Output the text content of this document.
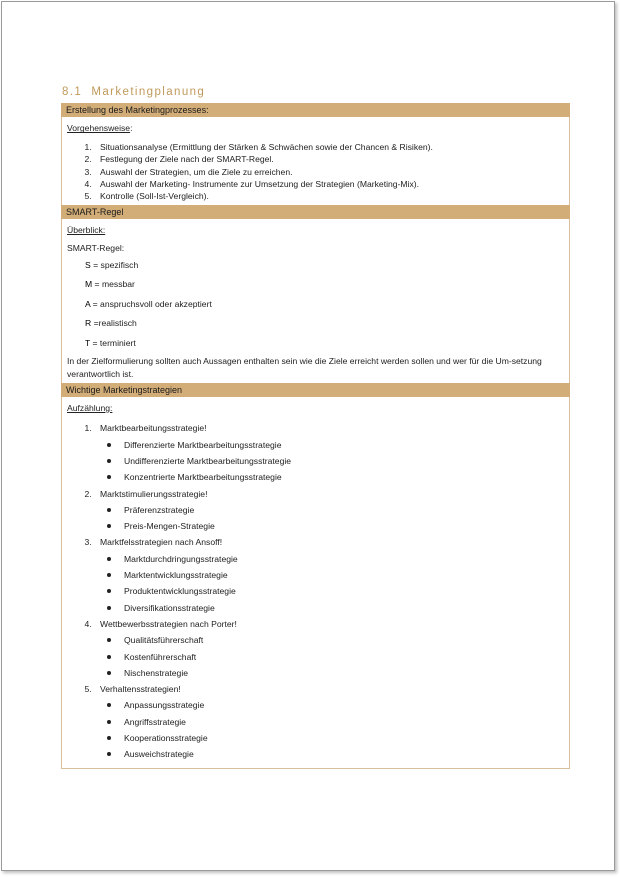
8.1 Marketingplanung
Erstellung des Marketingprozesses:

Vorgehensweise:

1. Situationsanalyse (Ermittlung der Stärken & Schwächen sowie der Chancen & Risiken).
2. Festlegung der Ziele nach der SMART-Regel.
3. Auswahl der Strategien, um die Ziele zu erreichen.
4. Auswahl der Marketing- Instrumente zur Umsetzung der Strategien (Marketing-Mix).
5. Kontrolle (Soll-Ist-Vergleich).
SMART-Regel

Überblick:

SMART-Regel:

S = spezifisch
M = messbar
A = anspruchsvoll oder akzeptiert
R =realistisch
T = terminiert

In der Zielformulierung sollten auch Aussagen enthalten sein wie die Ziele erreicht werden sollen und wer für die Um-setzung verantwortlich ist.

Wichtige Marketingstrategien

Aufzählung:

1. Marktbearbeitungsstrategie!
Differenzierte Marktbearbeitungsstrategie
Undifferenzierte Marktbearbeitungsstrategie
Konzentrierte Marktbearbeitungsstrategie
2. Marktstimulierungsstrategie!
Präferenzstrategie
Preis-Mengen-Strategie
3. Marktfelsstrategien nach Ansoff!
Marktdurchdringungsstrategie
Marktentwicklungsstrategie
Produktentwicklungsstrategie
Diversifikationsstrategie
4. Wettbewerbsstrategien nach Porter!
Qualitätsführerschaft
Kostenführerschaft
Nischenstrategie
5. Verhaltensstrategien!
Anpassungsstrategie
Angriffsstrategie
Kooperationsstrategie
Ausweichstrategie
